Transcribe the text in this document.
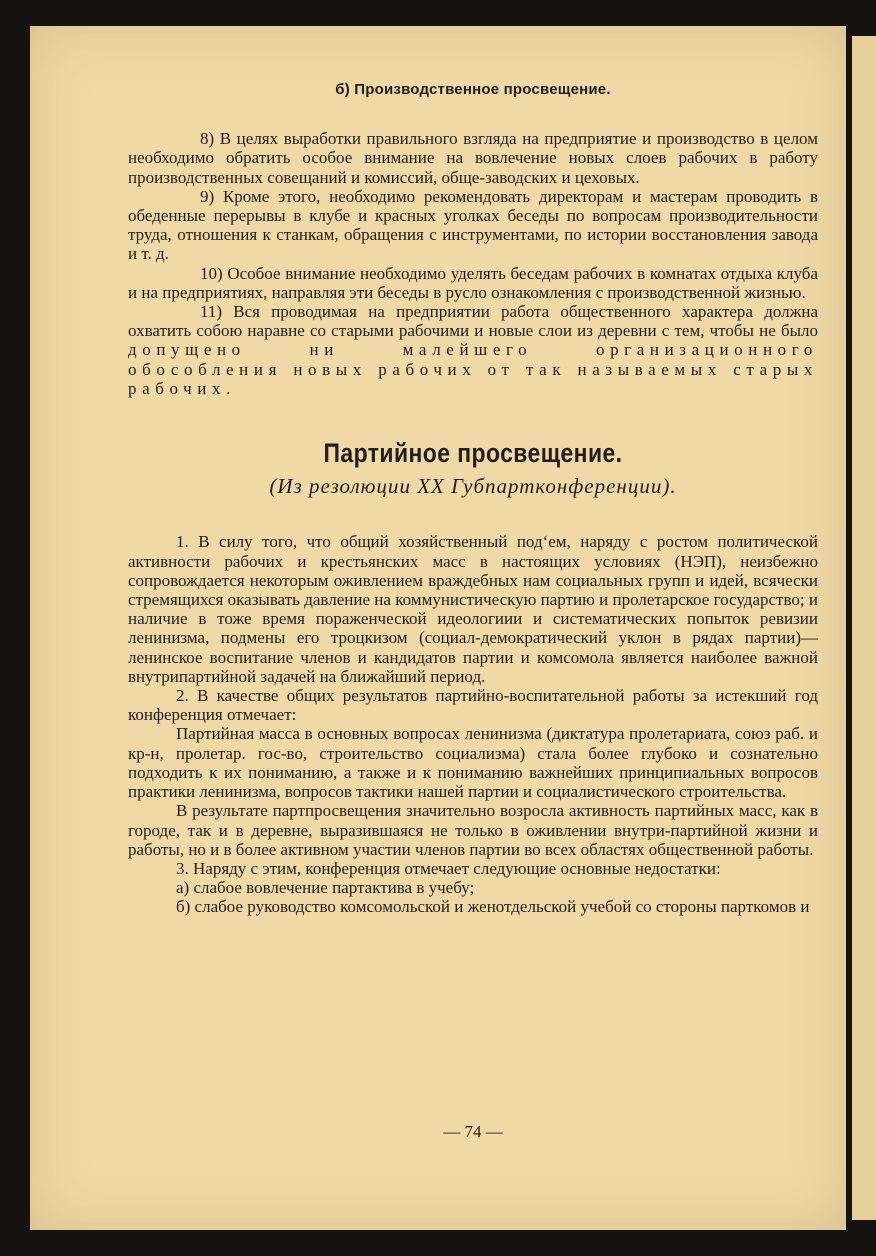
б) Производственное просвещение.

8) В целях выработки правильного взгляда на предприятие и производство в целом необходимо обратить особое внимание на вовлечение новых слоев рабочих в работу производственных совещаний и комиссий, обще-заводских и цеховых.

9) Кроме этого, необходимо рекомендовать директорам и мастерам проводить в обеденные перерывы в клубе и красных уголках беседы по вопросам производительности труда, отношения к станкам, обращения с инструментами, по истории восстановления завода и т. д.

10) Особое внимание необходимо уделять беседам рабочих в комнатах отдыха клуба и на предприятиях, направляя эти беседы в русло ознакомления с производственной жизнью.

11) Вся проводимая на предприятии работа общественного характера должна охватить собою наравне со старыми рабочими и новые слои из деревни с тем, чтобы не было допущено ни малейшего организационного обособления новых рабочих от так называемых старых рабочих.

Партийное просвещение.
(Из резолюции XX Губпартконференции).

1. В силу того, что общий хозяйственный под‘ем, наряду с ростом политической активности рабочих и крестьянских масс в настоящих условиях (НЭП), неизбежно сопровождается некоторым оживлением враждебных нам социальных групп и идей, всячески стремящихся оказывать давление на коммунистическую партию и пролетарское государство; и наличие в тоже время пораженческой идеологиии и систематических попыток ревизии ленинизма, подмены его троцкизом (социал-демократический уклон в рядах партии)—ленинское воспитание членов и кандидатов партии и комсомола является наиболее важной внутрипартийной задачей на ближайший период.

2. В качестве общих результатов партийно-воспитательной работы за истекший год конференция отмечает:

Партийная масса в основных вопросах ленинизма (диктатура пролетариата, союз раб. и кр-н, пролетар. гос-во, строительство социализма) стала более глубоко и сознательно подходить к их пониманию, а также и к пониманию важнейших принципиальных вопросов практики ленинизма, вопросов тактики нашей партии и социалистического строительства.

В результате партпросвещения значительно возросла активность партийных масс, как в городе, так и в деревне, выразившаяся не только в оживлении внутри-партийной жизни и работы, но и в более активном участии членов партии во всех областях общественной работы.

3. Наряду с этим, конференция отмечает следующие основные недостатки:

а) слабое вовлечение партактива в учебу;

б) слабое руководство комсомольской и женотдельской учебой со стороны парткомов и

— 74 —
